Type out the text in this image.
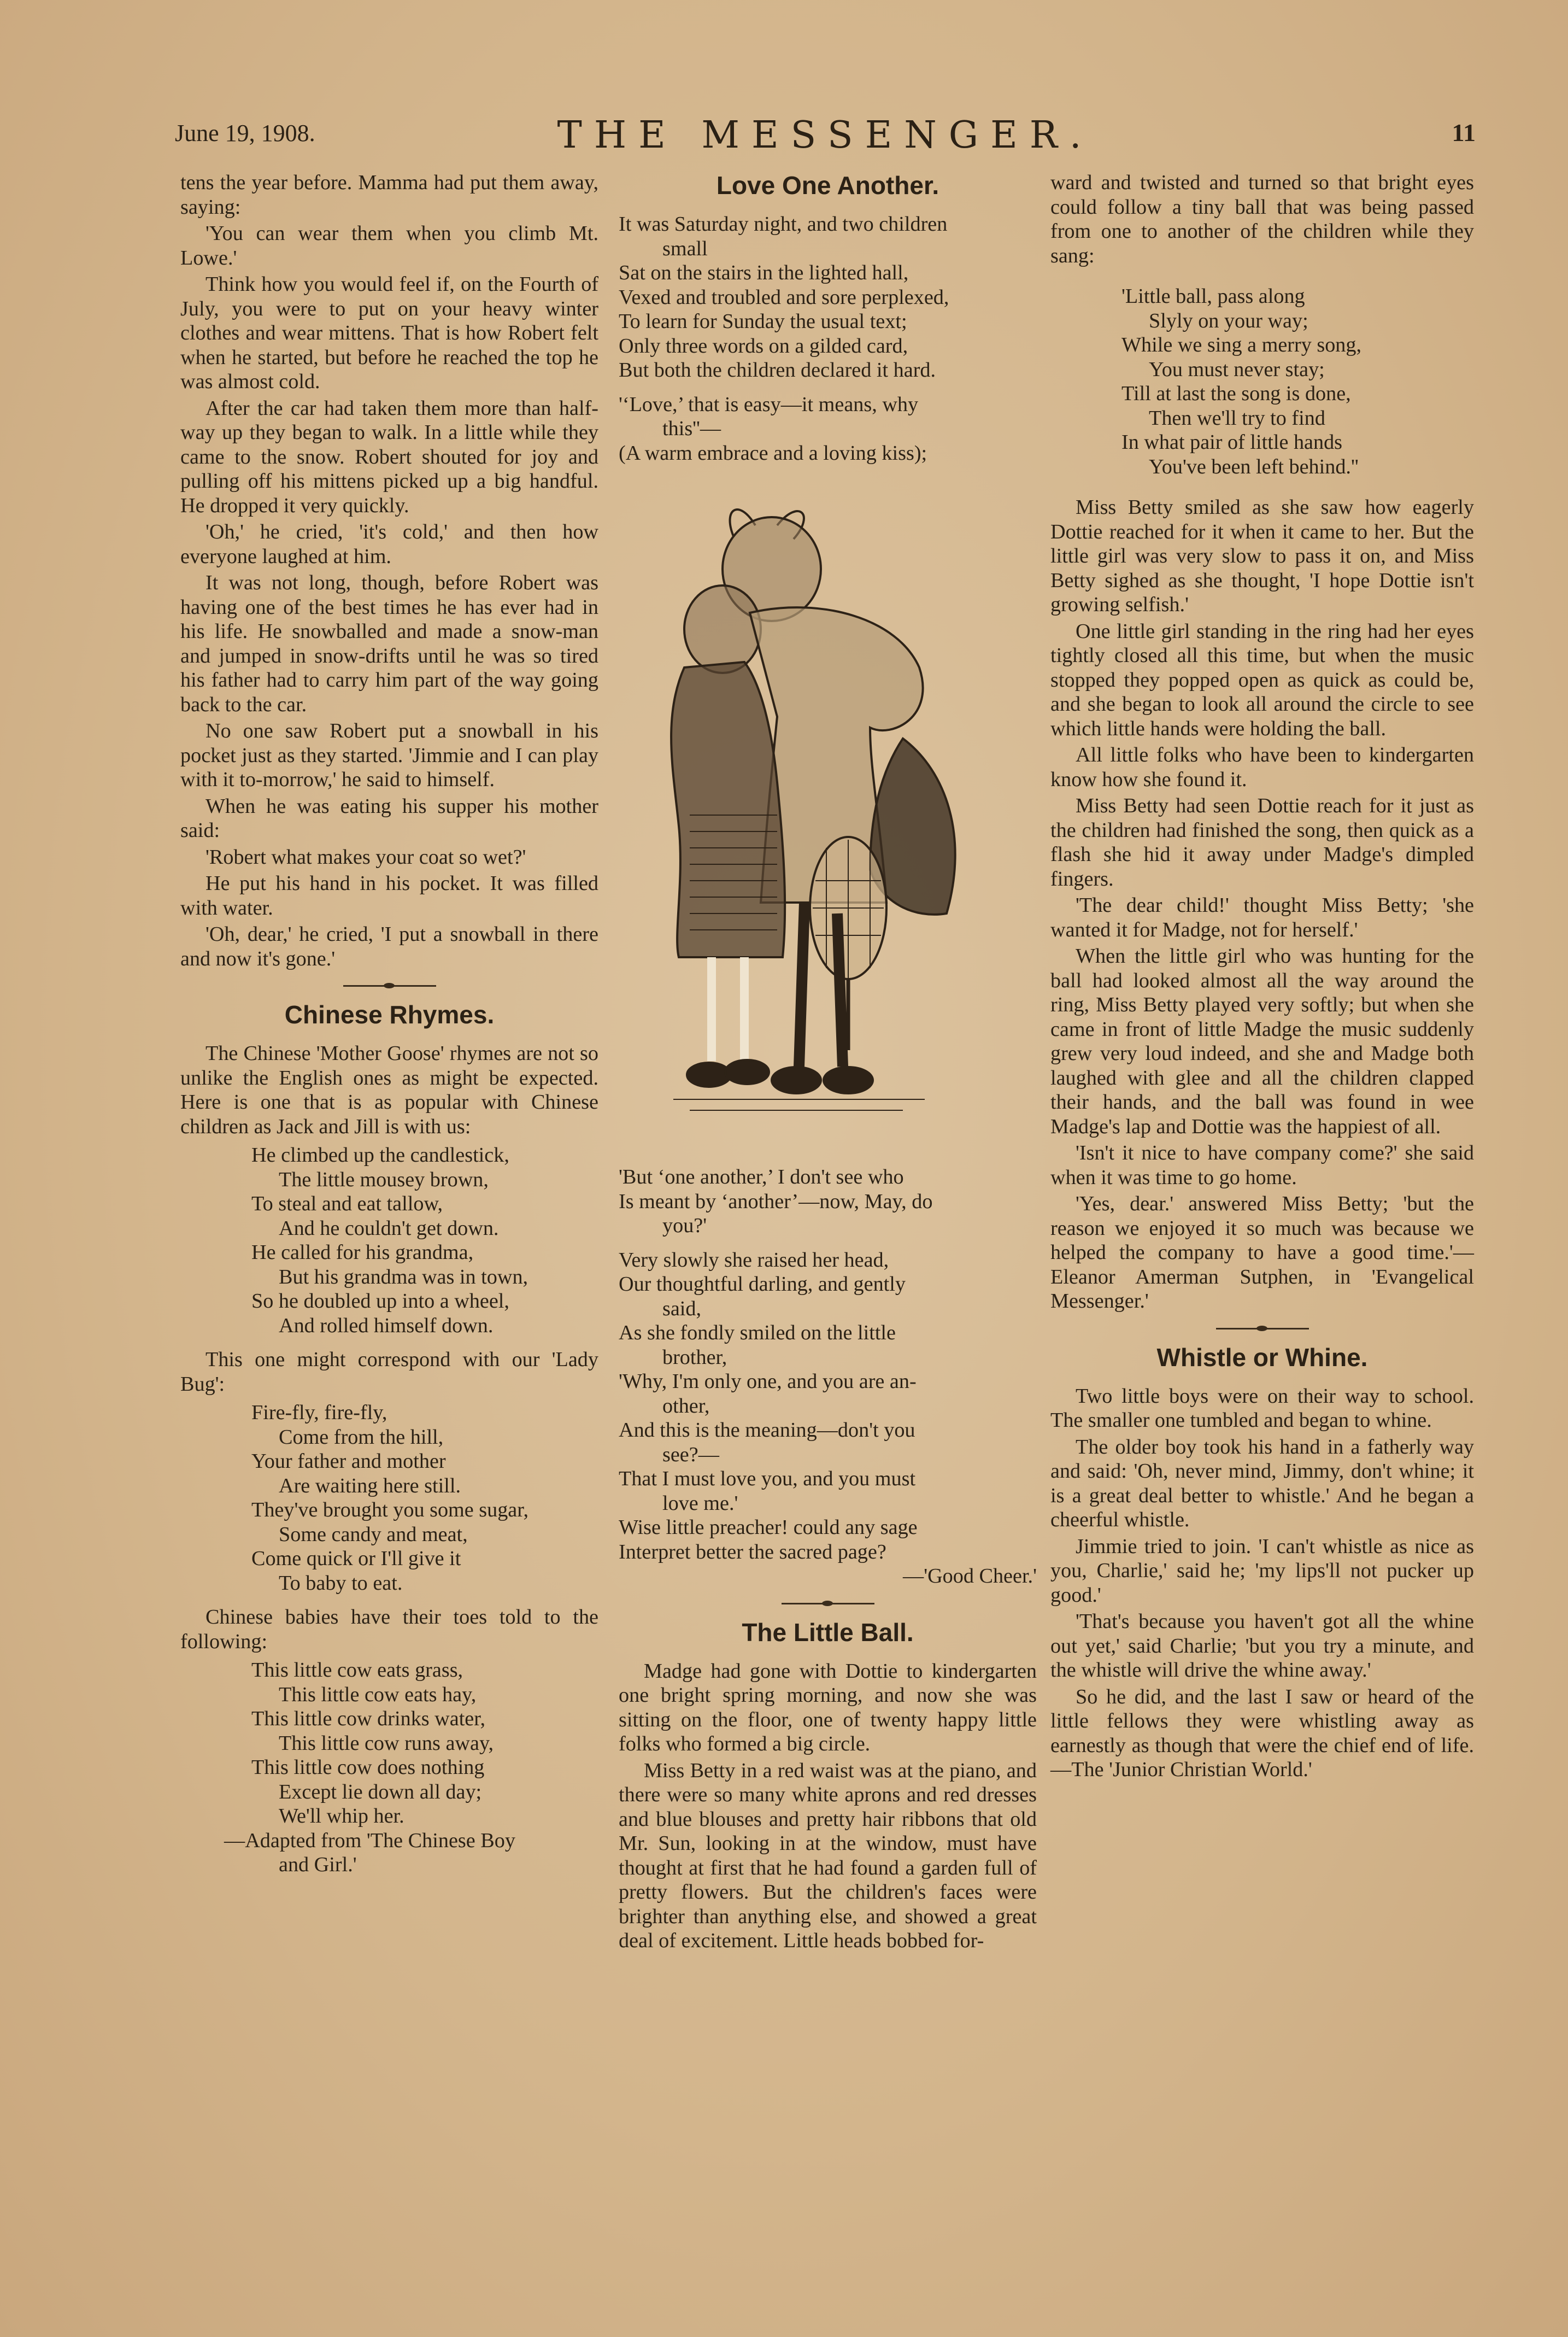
June 19, 1908.	THE MESSENGER.	11

tens the year before. Mamma had put them away, saying:

'You can wear them when you climb Mt. Lowe.'

Think how you would feel if, on the Fourth of July, you were to put on your heavy winter clothes and wear mittens. That is how Robert felt when he started, but before he reached the top he was almost cold.

After the car had taken them more than half-way up they began to walk. In a little while they came to the snow. Robert shouted for joy and pulling off his mittens picked up a big handful. He dropped it very quickly.

'Oh,' he cried, 'it's cold,' and then how everyone laughed at him.

It was not long, though, before Robert was having one of the best times he has ever had in his life. He snowballed and made a snow-man and jumped in snow-drifts until he was so tired his father had to carry him part of the way going back to the car.

No one saw Robert put a snowball in his pocket just as they started. 'Jimmie and I can play with it to-morrow,' he said to himself.

When he was eating his supper his mother said:

'Robert what makes your coat so wet?'

He put his hand in his pocket. It was filled with water.

'Oh, dear,' he cried, 'I put a snowball in there and now it's gone.'

Chinese Rhymes.

The Chinese 'Mother Goose' rhymes are not so unlike the English ones as might be expected. Here is one that is as popular with Chinese children as Jack and Jill is with us:

He climbed up the candlestick,
The little mousey brown,
To steal and eat tallow,
And he couldn't get down.
He called for his grandma,
But his grandma was in town,
So he doubled up into a wheel,
And rolled himself down.

This one might correspond with our 'Lady Bug':

Fire-fly, fire-fly,
Come from the hill,
Your father and mother
Are waiting here still.
They've brought you some sugar,
Some candy and meat,
Come quick or I'll give it
To baby to eat.

Chinese babies have their toes told to the following:

This little cow eats grass,
This little cow eats hay,
This little cow drinks water,
This little cow runs away,
This little cow does nothing
Except lie down all day;
We'll whip her.
—Adapted from 'The Chinese Boy
and Girl.'
Love One Another.
It was Saturday night, and two children
small
Sat on the stairs in the lighted hall,
Vexed and troubled and sore perplexed,
To learn for Sunday the usual text;
Only three words on a gilded card,
But both the children declared it hard.
'‘Love,’ that is easy—it means, why
this''—
(A warm embrace and a loving kiss);
'But ‘one another,’ I don't see who
Is meant by ‘another’—now, May, do
you?'
Very slowly she raised her head,
Our thoughtful darling, and gently
said,
As she fondly smiled on the little
brother,
'Why, I'm only one, and you are an-
other,
And this is the meaning—don't you
see?—
That I must love you, and you must
love me.'
Wise little preacher! could any sage
Interpret better the sacred page?
—'Good Cheer.'
The Little Ball.

Madge had gone with Dottie to kindergarten one bright spring morning, and now she was sitting on the floor, one of twenty happy little folks who formed a big circle.

Miss Betty in a red waist was at the piano, and there were so many white aprons and red dresses and blue blouses and pretty hair ribbons that old Mr. Sun, looking in at the window, must have thought at first that he had found a garden full of pretty flowers. But the children's faces were brighter than anything else, and showed a great deal of excitement. Little heads bobbed for-

ward and twisted and turned so that bright eyes could follow a tiny ball that was being passed from one to another of the children while they sang:

'Little ball, pass along
Slyly on your way;
While we sing a merry song,
You must never stay;
Till at last the song is done,
Then we'll try to find
In what pair of little hands
You've been left behind.''

Miss Betty smiled as she saw how eagerly Dottie reached for it when it came to her. But the little girl was very slow to pass it on, and Miss Betty sighed as she thought, 'I hope Dottie isn't growing selfish.'

One little girl standing in the ring had her eyes tightly closed all this time, but when the music stopped they popped open as quick as could be, and she began to look all around the circle to see which little hands were holding the ball.

All little folks who have been to kindergarten know how she found it.

Miss Betty had seen Dottie reach for it just as the children had finished the song, then quick as a flash she hid it away under Madge's dimpled fingers.

'The dear child!' thought Miss Betty; 'she wanted it for Madge, not for herself.'

When the little girl who was hunting for the ball had looked almost all the way around the ring, Miss Betty played very softly; but when she came in front of little Madge the music suddenly grew very loud indeed, and she and Madge both laughed with glee and all the children clapped their hands, and the ball was found in wee Madge's lap and Dottie was the happiest of all.

'Isn't it nice to have company come?' she said when it was time to go home.

'Yes, dear.' answered Miss Betty; 'but the reason we enjoyed it so much was because we helped the company to have a good time.'—Eleanor Amerman Sutphen, in 'Evangelical Messenger.'

Whistle or Whine.

Two little boys were on their way to school. The smaller one tumbled and began to whine.

The older boy took his hand in a fatherly way and said: 'Oh, never mind, Jimmy, don't whine; it is a great deal better to whistle.' And he began a cheerful whistle.

Jimmie tried to join. 'I can't whistle as nice as you, Charlie,' said he; 'my lips'll not pucker up good.'

'That's because you haven't got all the whine out yet,' said Charlie; 'but you try a minute, and the whistle will drive the whine away.'

So he did, and the last I saw or heard of the little fellows they were whistling away as earnestly as though that were the chief end of life.—The 'Junior Christian World.'
